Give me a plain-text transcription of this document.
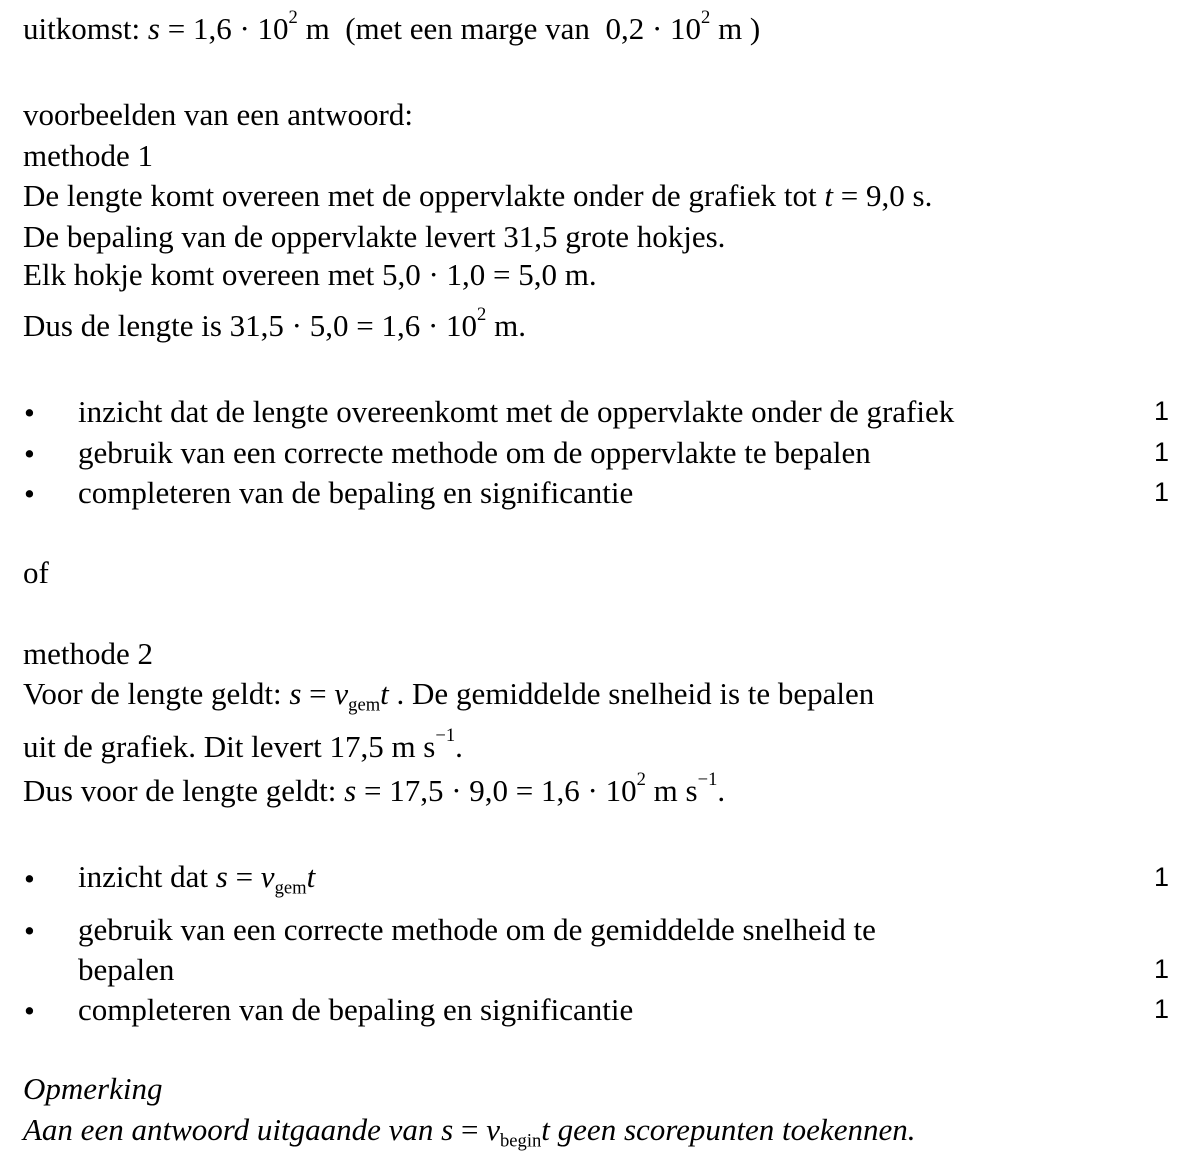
uitkomst: $s = 1,6 \cdot 10^2$ m (met een marge van $0,2 \cdot 10^2$ m )
voorbeelden van een antwoord:
methode 1
De lengte komt overeen met de oppervlakte onder de grafiek tot t = 9,0 s.
De bepaling van de oppervlakte levert 31,5 grote hokjes.
Elk hokje komt overeen met 5,0 · 1,0 = 5,0 m.
Dus de lengte is $31,5 \cdot 5,0 = 1,6 \cdot 10^2$ m.
• inzicht dat de lengte overeenkomt met de oppervlakte onder de grafiek	1
• gebruik van een correcte methode om de oppervlakte te bepalen	1
• completeren van de bepaling en significantie	1
of
methode 2
Voor de lengte geldt: $s = v_{gem}t$ . De gemiddelde snelheid is te bepalen
uit de grafiek. Dit levert 17,5 m $s^{-1}$.
Dus voor de lengte geldt: $s = 17,5 \cdot 9,0 = 1,6 \cdot 10^2$ m $s^{-1}$.
• inzicht dat $s = v_{gem}t$	1
• gebruik van een correcte methode om de gemiddelde snelheid te
bepalen	1
• completeren van de bepaling en significantie	1
Opmerking
Aan een antwoord uitgaande van $s = v_{begin}t$ geen scorepunten toekennen.
